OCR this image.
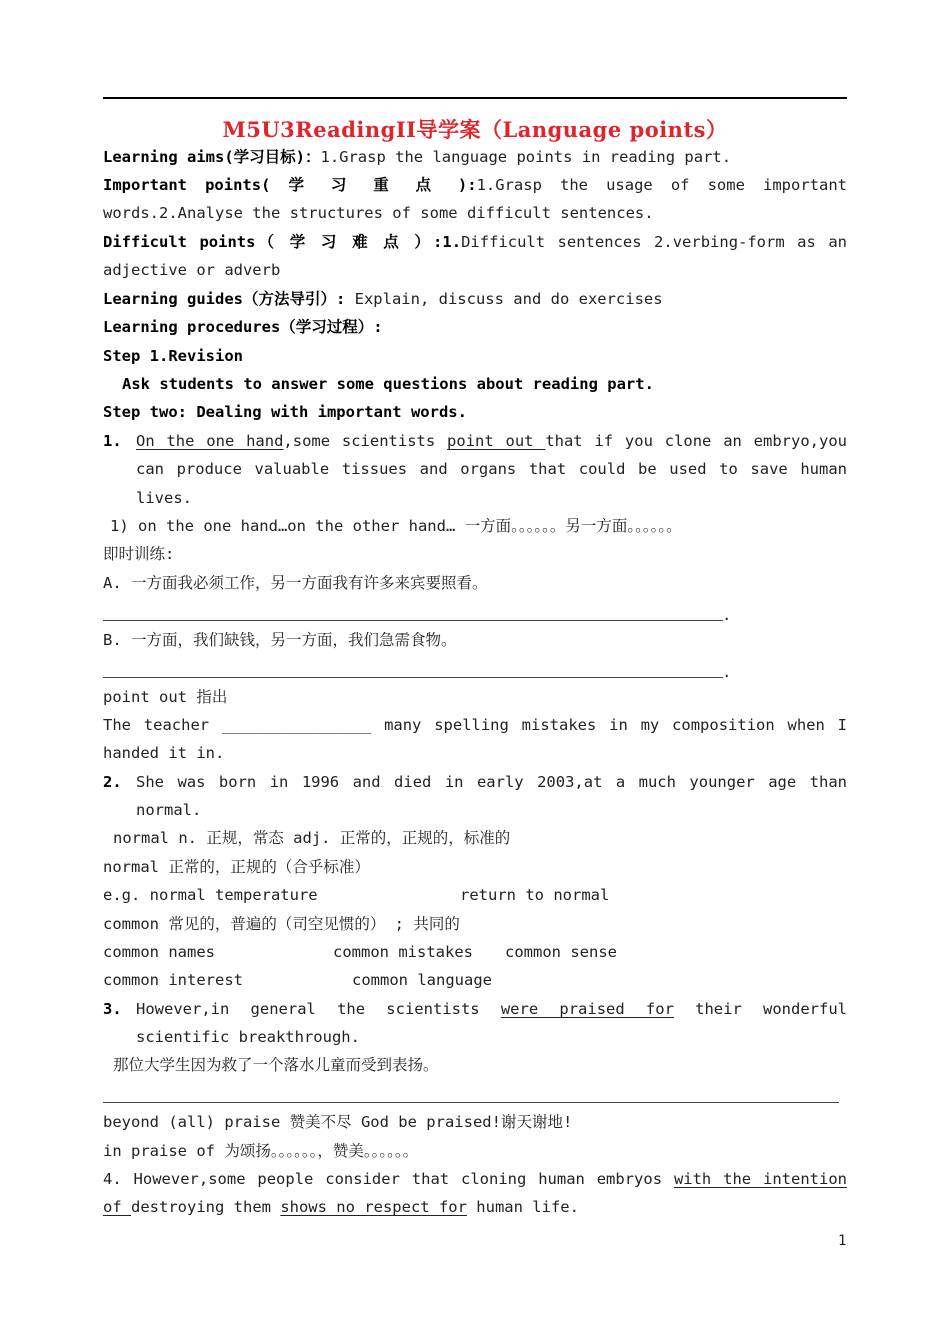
M5U3ReadingII导学案（Language points）
Learning aims(学习目标)：1.Grasp the language points in reading part.
Important points( 学 习 重 点 ):1.Grasp the usage of some important
words.2.Analyse the structures of some difficult sentences.
Difficult points（ 学 习 难 点 ）:1.Difficult sentences 2.verbing-form as an
adjective or adverb
Learning guides（方法导引）: Explain, discuss and do exercises
Learning procedures（学习过程）:
Step 1.Revision
Ask students to answer some questions about reading part.
Step two: Dealing with important words.
1. On the one hand,some scientists point out that if you clone an embryo,you
can produce valuable tissues and organs that could be used to save human
lives.
1) on the one hand…on the other hand… 一方面。。。。。。另一方面。。。。。。
即时训练:
A. 一方面我必须工作，另一方面我有许多来宾要照看。
.
B. 一方面，我们缺钱，另一方面，我们急需食物。
.
point out 指出
The teacher ________________ many spelling mistakes in my composition when I
handed it in.
2. She was born in 1996 and died in early 2003,at a much younger age than
normal.
normal n. 正规，常态 adj. 正常的，正规的，标准的
normal 正常的，正规的（合乎标准）
e.g. normal temperature	return to normal
common 常见的，普遍的（司空见惯的） ; 共同的
common names	common mistakes	common sense
common interest	common language
3. However,in general the scientists were praised for their wonderful
scientific breakthrough.
那位大学生因为救了一个落水儿童而受到表扬。
beyond (all) praise 赞美不尽 God be praised!谢天谢地!
in praise of 为颂扬。。。。。。，赞美。。。。。。
4. However,some people consider that cloning human embryos with the intention
of destroying them shows no respect for human life.
1
